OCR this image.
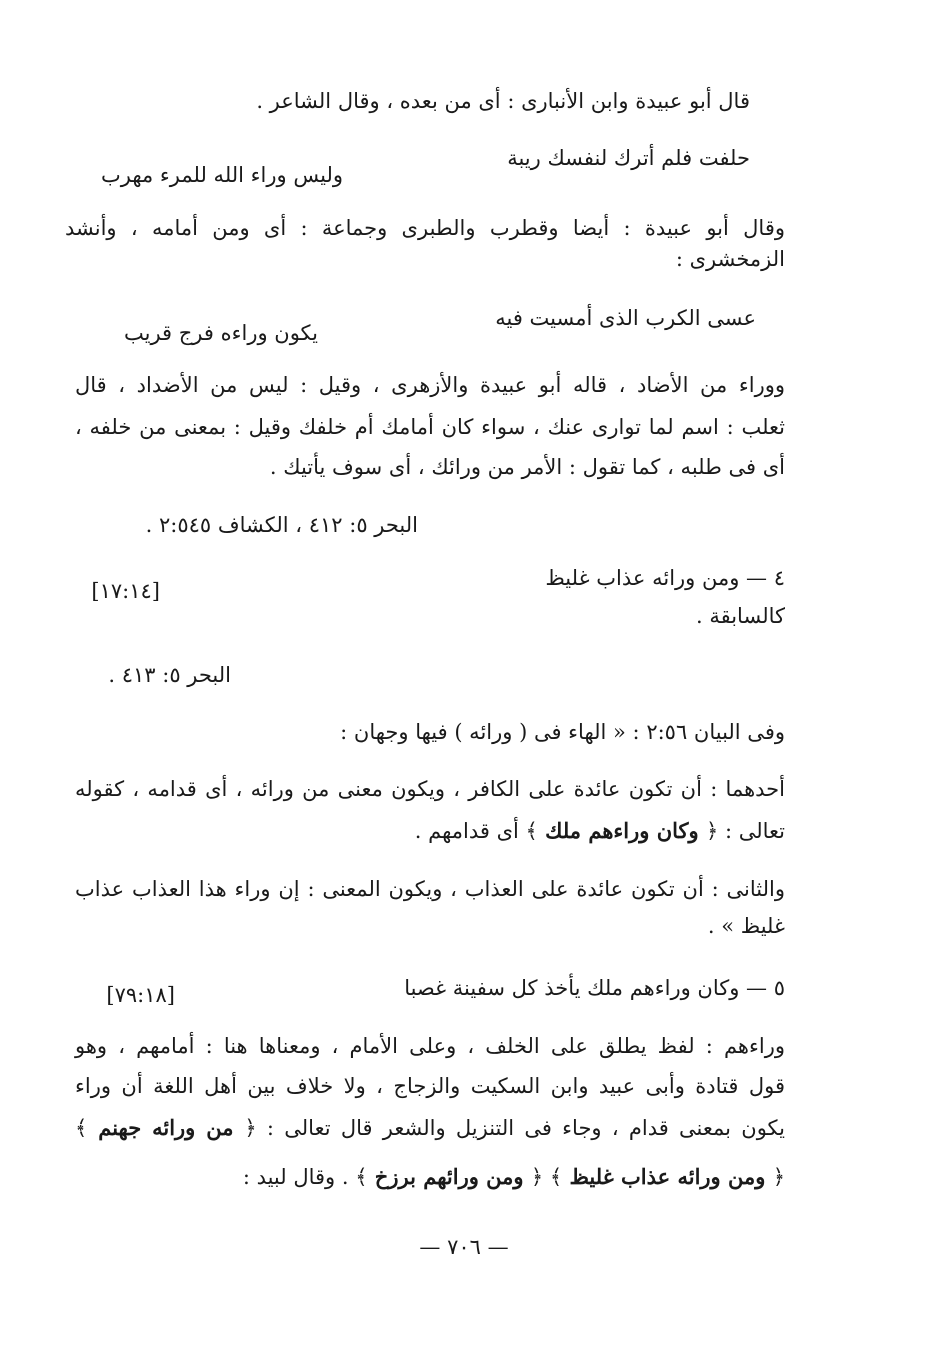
قال أبو عبيدة وابن الأنبارى : أى من بعده ، وقال الشاعر .
حلفت فلم أترك لنفسك ريبة
وليس وراء الله للمرء مهرب
وقال أبو عبيدة : أيضا وقطرب والطبرى وجماعة : أى ومن أمامه ، وأنشد
الزمخشرى :
عسى الكرب الذى أمسيت فيه
يكون وراءه فرج قريب
ووراء من الأضاد ، قاله أبو عبيدة والأزهرى ، وقيل : ليس من الأضداد ، قال
ثعلب : اسم لما توارى عنك ، سواء كان أمامك أم خلفك وقيل : بمعنى من خلفه ،
أى فى طلبه ، كما تقول : الأمر من ورائك ، أى سوف يأتيك .
البحر ٥: ٤١٢ ، الكشاف ٢:٥٤٥ .
٤ — ومن ورائه عذاب غليظ
[١٧:١٤]
كالسابقة .
البحر ٥: ٤١٣ .
وفى البيان ٢:٥٦ : « الهاء فى ( ورائه ) فيها وجهان :
أحدهما : أن تكون عائدة على الكافر ، ويكون معنى من ورائه ، أى قدامه ، كقوله
تعالى : ﴿ وكان وراءهم ملك ﴾ أى قدامهم .
والثانى : أن تكون عائدة على العذاب ، ويكون المعنى : إن وراء هذا العذاب عذاب
غليظ » .
٥ — وكان وراءهم ملك يأخذ كل سفينة غصبا
[٧٩:١٨]
وراءهم : لفظ يطلق على الخلف ، وعلى الأمام ، ومعناها هنا : أمامهم ، وهو
قول قتادة وأبى عبيد وابن السكيت والزجاج ، ولا خلاف بين أهل اللغة أن وراء
يكون بمعنى قدام ، وجاء فى التنزيل والشعر قال تعالى : ﴿ من ورائه جهنم ﴾
﴿ ومن ورائه عذاب غليظ ﴾ ﴿ ومن ورائهم برزخ ﴾ . وقال لبيد :
— ٧٠٦ —
